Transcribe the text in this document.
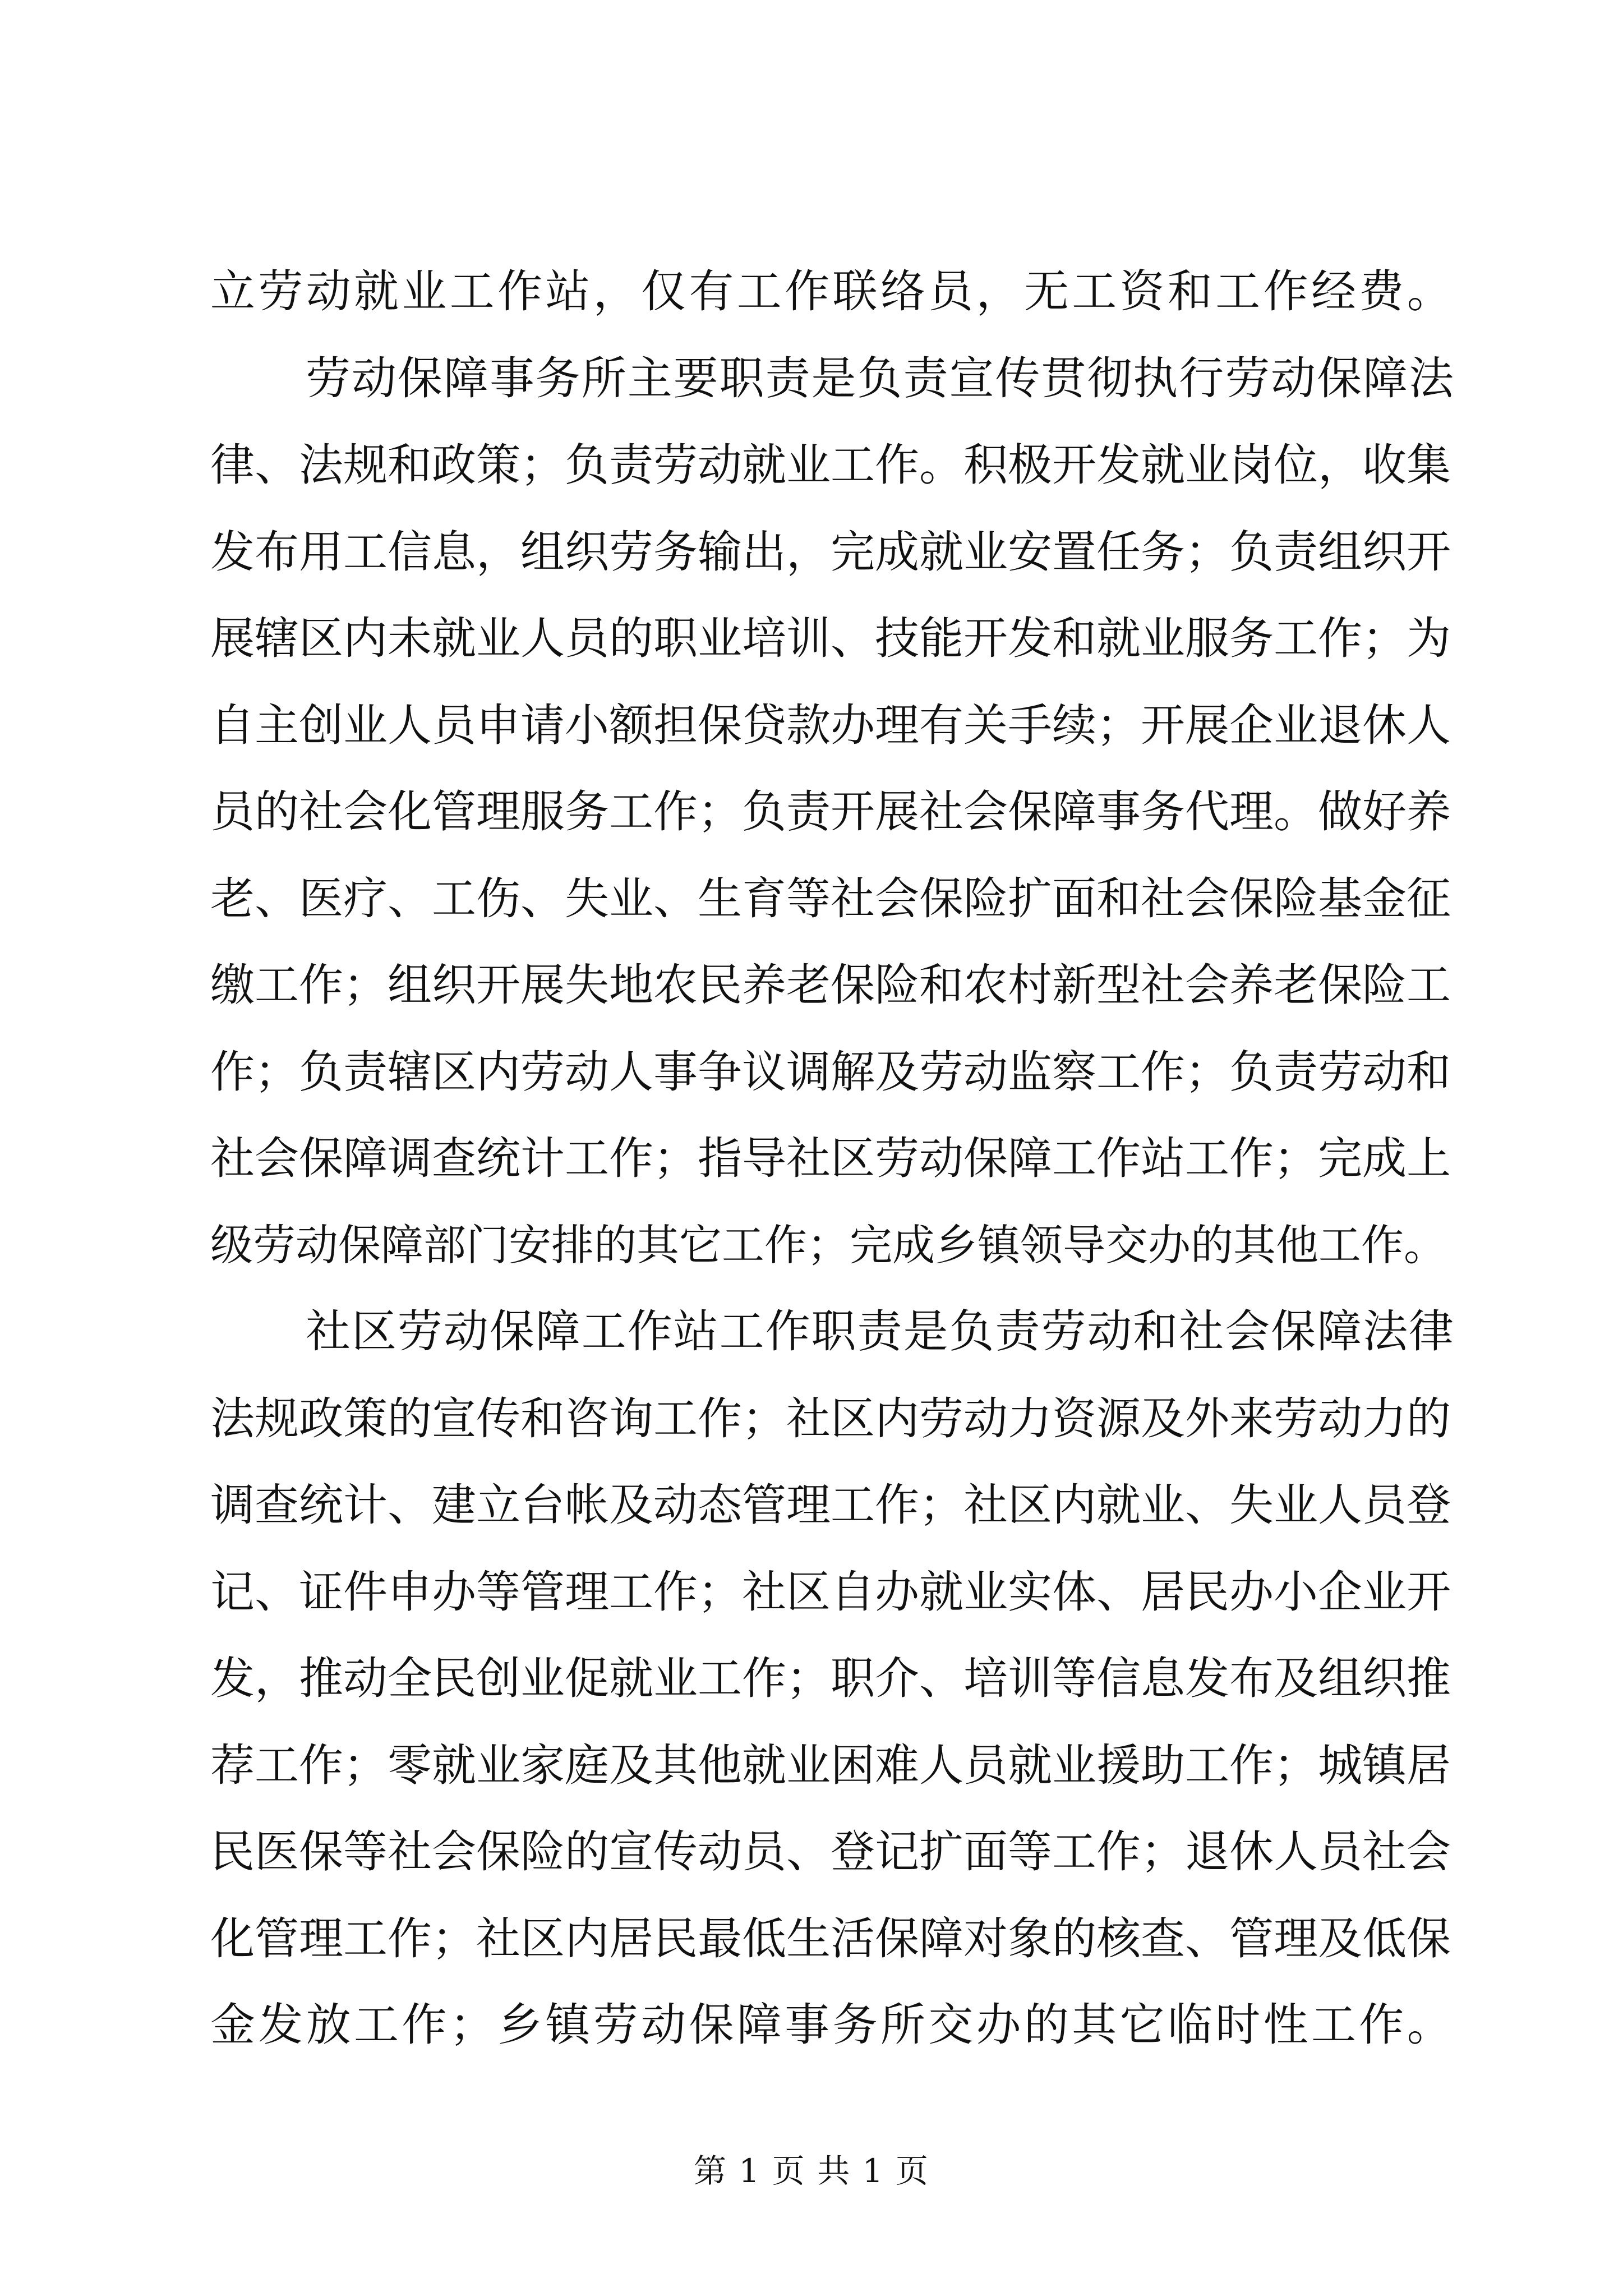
立劳动就业工作站，仅有工作联络员，无工资和工作经费。
劳动保障事务所主要职责是负责宣传贯彻执行劳动保障法
律、法规和政策；负责劳动就业工作。积极开发就业岗位，收集
发布用工信息，组织劳务输出，完成就业安置任务；负责组织开
展辖区内未就业人员的职业培训、技能开发和就业服务工作；为
自主创业人员申请小额担保贷款办理有关手续；开展企业退休人
员的社会化管理服务工作；负责开展社会保障事务代理。做好养
老、医疗、工伤、失业、生育等社会保险扩面和社会保险基金征
缴工作；组织开展失地农民养老保险和农村新型社会养老保险工
作；负责辖区内劳动人事争议调解及劳动监察工作；负责劳动和
社会保障调查统计工作；指导社区劳动保障工作站工作；完成上
级劳动保障部门安排的其它工作；完成乡镇领导交办的其他工作。
社区劳动保障工作站工作职责是负责劳动和社会保障法律
法规政策的宣传和咨询工作；社区内劳动力资源及外来劳动力的
调查统计、建立台帐及动态管理工作；社区内就业、失业人员登
记、证件申办等管理工作；社区自办就业实体、居民办小企业开
发，推动全民创业促就业工作；职介、培训等信息发布及组织推
荐工作；零就业家庭及其他就业困难人员就业援助工作；城镇居
民医保等社会保险的宣传动员、登记扩面等工作；退休人员社会
化管理工作；社区内居民最低生活保障对象的核查、管理及低保
金发放工作；乡镇劳动保障事务所交办的其它临时性工作。
第 1 页 共 1 页
